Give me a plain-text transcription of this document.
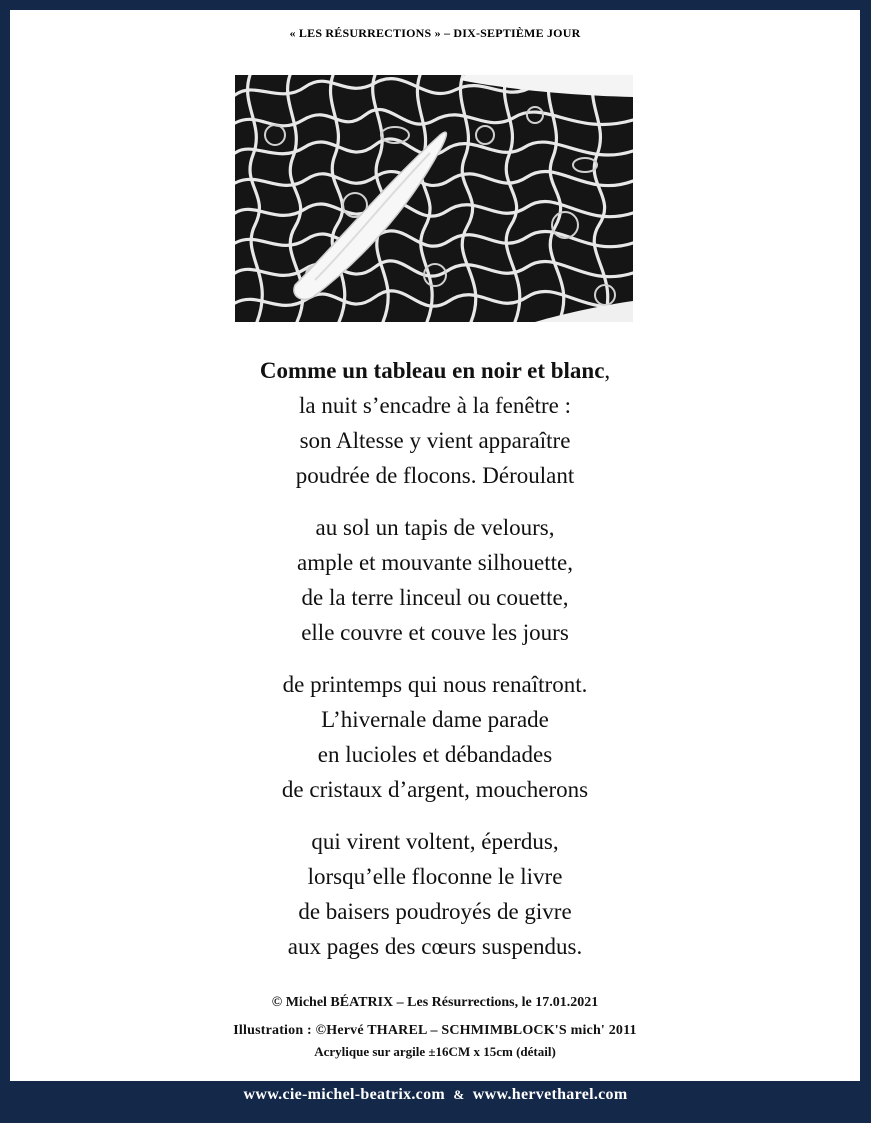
« LES RÉSURRECTIONS » – DIX-SEPTIÈME JOUR
Comme un tableau en noir et blanc,
la nuit s’encadre à la fenêtre :
son Altesse y vient apparaître
poudrée de flocons. Déroulant
au sol un tapis de velours,
ample et mouvante silhouette,
de la terre linceul ou couette,
elle couvre et couve les jours
de printemps qui nous renaîtront.
L’hivernale dame parade
en lucioles et débandades
de cristaux d’argent, moucherons
qui virent voltent, éperdus,
lorsqu’elle floconne le livre
de baisers poudroyés de givre
aux pages des cœurs suspendus.
© Michel BÉATRIX – Les Résurrections, le 17.01.2021
Illustration : ©Hervé THAREL – SCHMIMBLOCK'S mich' 2011
Acrylique sur argile ±16CM x 15cm (détail)
www.cie-michel-beatrix.com & www.hervetharel.com
